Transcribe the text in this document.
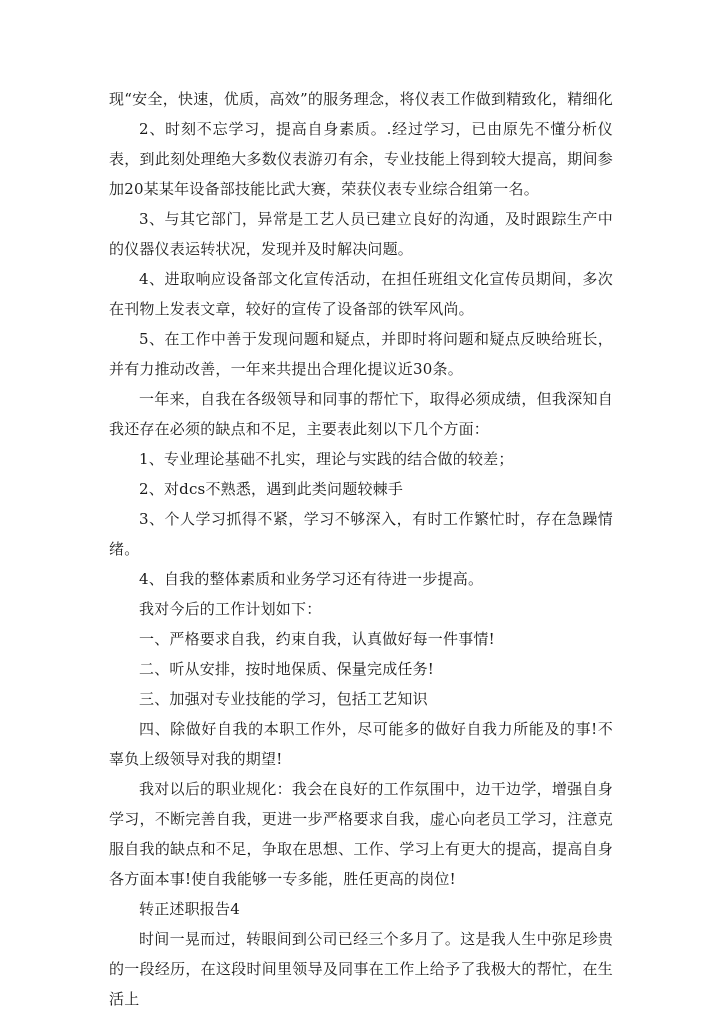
现“安全，快速，优质，高效”的服务理念，将仪表工作做到精致化，精细化

2、时刻不忘学习，提高自身素质。.经过学习，已由原先不懂分析仪表，到此刻处理绝大多数仪表游刃有余，专业技能上得到较大提高，期间参加20某某年设备部技能比武大赛，荣获仪表专业综合组第一名。

3、与其它部门，异常是工艺人员已建立良好的沟通，及时跟踪生产中的仪器仪表运转状况，发现并及时解决问题。

4、进取响应设备部文化宣传活动，在担任班组文化宣传员期间，多次在刊物上发表文章，较好的宣传了设备部的铁军风尚。

5、在工作中善于发现问题和疑点，并即时将问题和疑点反映给班长，并有力推动改善，一年来共提出合理化提议近30条。

一年来，自我在各级领导和同事的帮忙下，取得必须成绩，但我深知自我还存在必须的缺点和不足，主要表此刻以下几个方面：

1、专业理论基础不扎实，理论与实践的结合做的较差；

2、对dcs不熟悉，遇到此类问题较棘手

3、个人学习抓得不紧，学习不够深入，有时工作繁忙时，存在急躁情绪。

4、自我的整体素质和业务学习还有待进一步提高。

我对今后的工作计划如下：

一、严格要求自我，约束自我，认真做好每一件事情!

二、听从安排，按时地保质、保量完成任务!

三、加强对专业技能的学习，包括工艺知识

四、除做好自我的本职工作外，尽可能多的做好自我力所能及的事!不辜负上级领导对我的期望!

我对以后的职业规化：我会在良好的工作氛围中，边干边学，增强自身学习，不断完善自我，更进一步严格要求自我，虚心向老员工学习，注意克服自我的缺点和不足，争取在思想、工作、学习上有更大的提高，提高自身各方面本事!使自我能够一专多能，胜任更高的岗位!

转正述职报告4

时间一晃而过，转眼间到公司已经三个多月了。这是我人生中弥足珍贵的一段经历，在这段时间里领导及同事在工作上给予了我极大的帮忙，在生活上
